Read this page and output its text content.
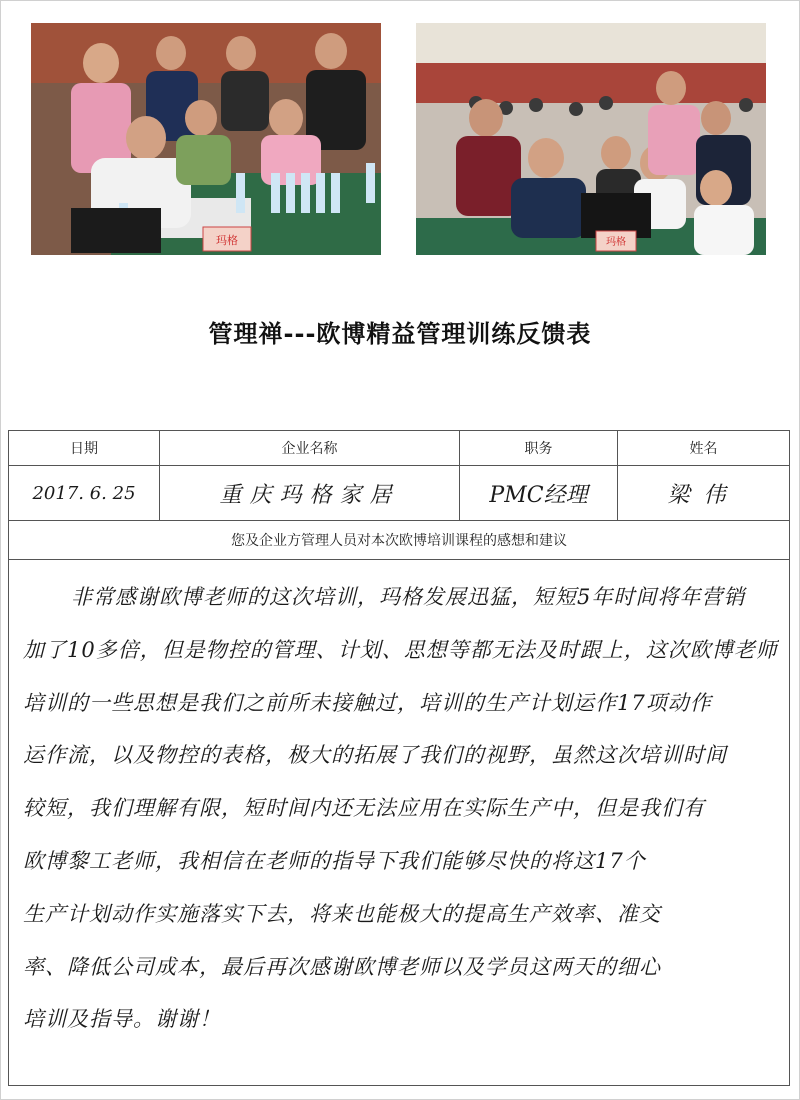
玛格	玛格
管理禅---欧博精益管理训练反馈表
日期	企业名称	职务	姓名
2017. 6. 25	重庆玛格家居	PMC经理	梁伟
您及企业方管理人员对本次欧博培训课程的感想和建议
非常感谢欧博老师的这次培训，玛格发展迅猛，短短5年时间将年营销
加了10多倍，但是物控的管理、计划、思想等都无法及时跟上，这次欧博老师
培训的一些思想是我们之前所未接触过，培训的生产计划运作17项动作
运作流，以及物控的表格，极大的拓展了我们的视野，虽然这次培训时间
较短，我们理解有限，短时间内还无法应用在实际生产中，但是我们有
欧博黎工老师，我相信在老师的指导下我们能够尽快的将这17个
生产计划动作实施落实下去，将来也能极大的提高生产效率、准交
率、降低公司成本，最后再次感谢欧博老师以及学员这两天的细心
培训及指导。谢谢！
